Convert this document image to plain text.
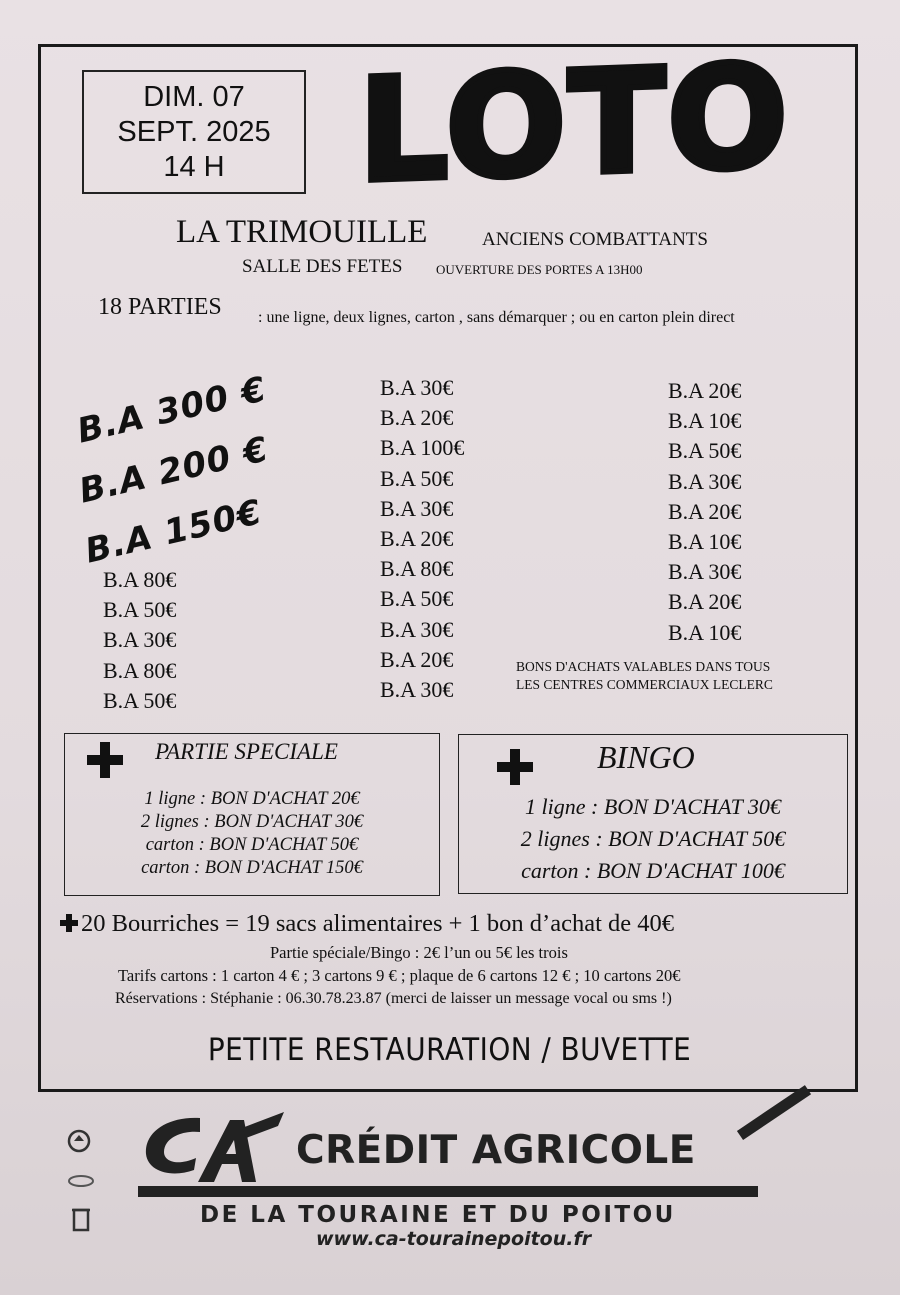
DIM. 07
SEPT. 2025
14 H LOTO
LA TRIMOUILLE	ANCIENS COMBATTANTS
SALLE DES FETES	OUVERTURE DES PORTES A 13H00
18 PARTIES : une ligne, deux lignes, carton , sans démarquer ; ou en carton plein direct
B.A 300 €
B.A 200 €
B.A 150€
B.A 80€
B.A 50€
B.A 30€
B.A 80€
B.A 50€
B.A 30€
B.A 20€
B.A 100€
B.A 50€
B.A 30€
B.A 20€
B.A 80€
B.A 50€
B.A 30€
B.A 20€
B.A 30€
B.A 20€
B.A 10€
B.A 50€
B.A 30€
B.A 20€
B.A 10€
B.A 30€
B.A 20€
B.A 10€
BONS D'ACHATS VALABLES DANS TOUS
LES CENTRES COMMERCIAUX LECLERC
PARTIE SPECIALE
1 ligne : BON D'ACHAT 20€
2 lignes : BON D'ACHAT 30€
carton : BON D'ACHAT 50€
carton : BON D'ACHAT 150€
BINGO
1 ligne : BON D'ACHAT 30€
2 lignes : BON D'ACHAT 50€
carton : BON D'ACHAT 100€
20 Bourriches = 19 sacs alimentaires + 1 bon d’achat de 40€
Partie spéciale/Bingo : 2€ l’un ou 5€ les trois
Tarifs cartons : 1 carton 4 € ; 3 cartons 9 € ; plaque de 6 cartons 12 € ; 10 cartons 20€
Réservations : Stéphanie : 06.30.78.23.87 (merci de laisser un message vocal ou sms !)
PETITE RESTAURATION / BUVETTE
CRÉDIT AGRICOLE
DE LA TOURAINE ET DU POITOU
www.ca-tourainepoitou.fr
